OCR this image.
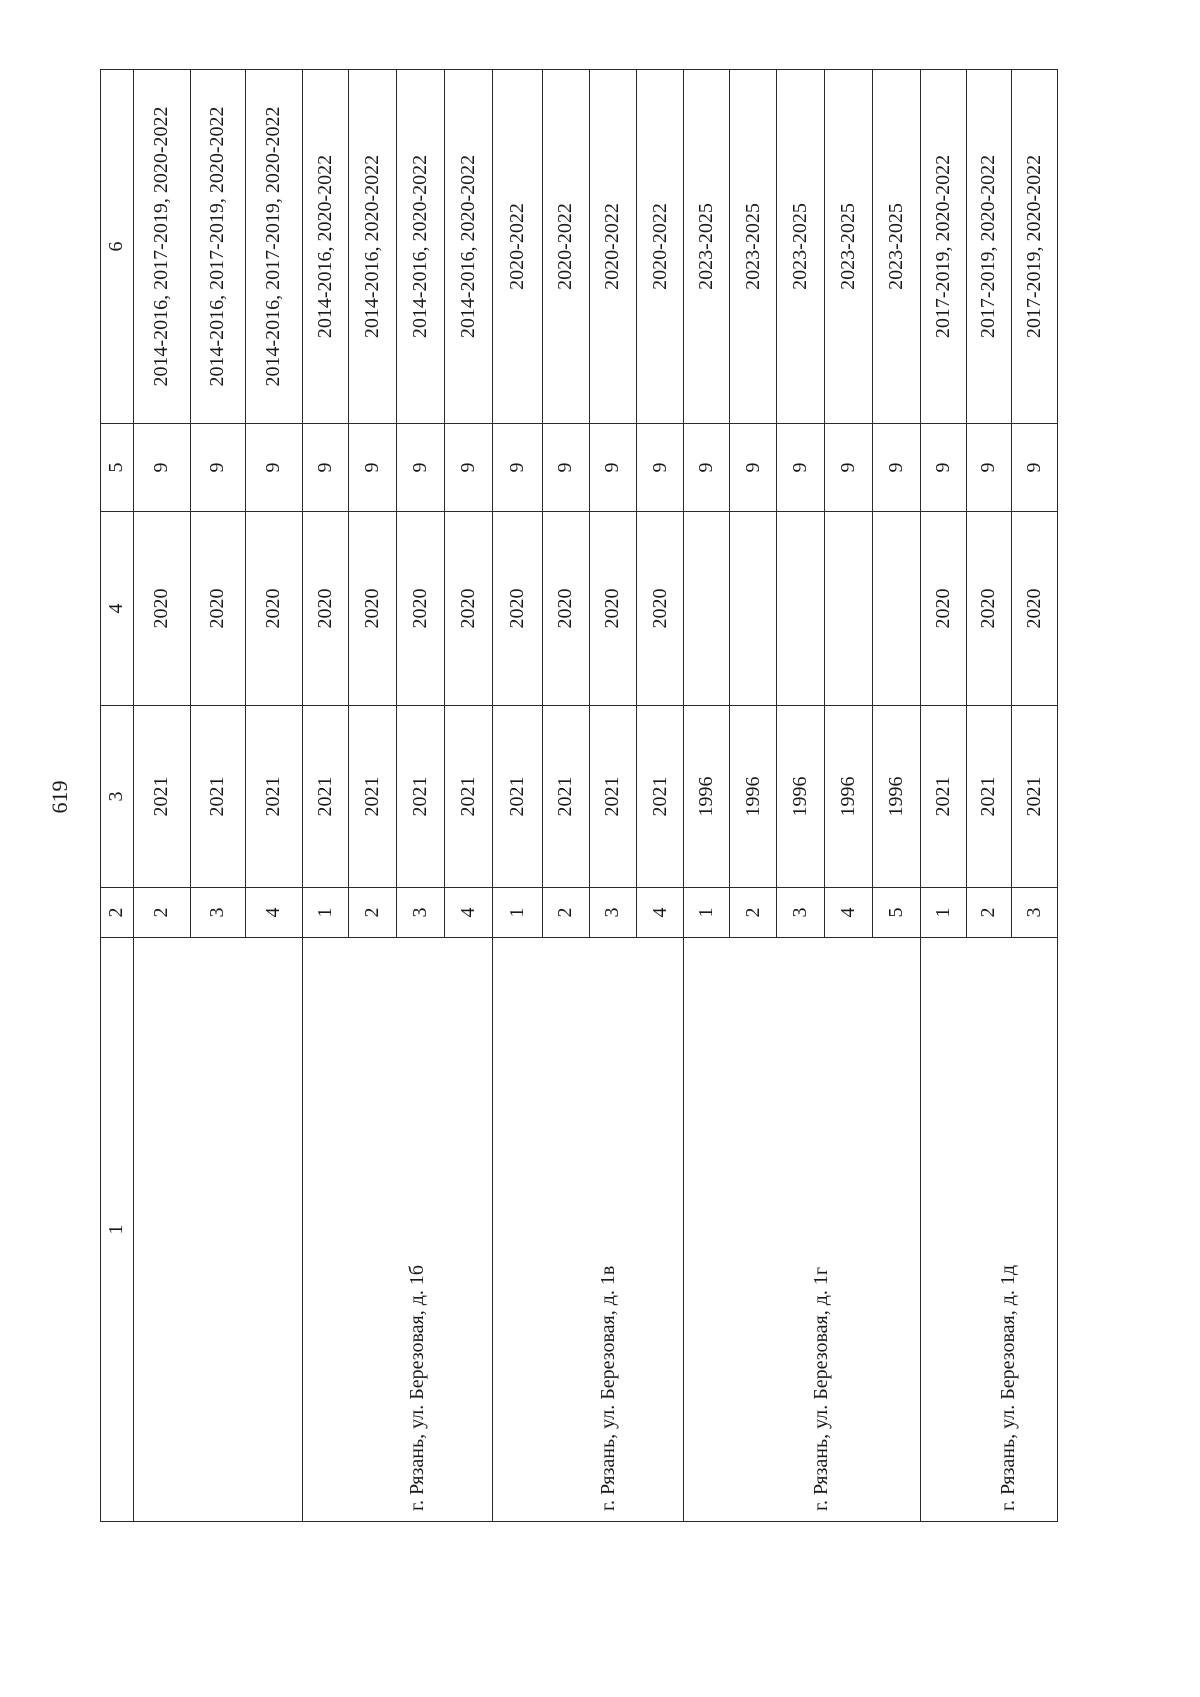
619
1	2	3	4	5	6

	2	2021	2020	9	2014-2016, 2017-2019, 2020-2022
	3	2021	2020	9	2014-2016, 2017-2019, 2020-2022
	4	2021	2020	9	2014-2016, 2017-2019, 2020-2022

г. Рязань, ул. Березовая, д. 1б	1	2021	2020	9	2014-2016, 2020-2022
	2	2021	2020	9	2014-2016, 2020-2022
	3	2021	2020	9	2014-2016, 2020-2022
	4	2021	2020	9	2014-2016, 2020-2022

г. Рязань, ул. Березовая, д. 1в	1	2021	2020	9	2020-2022
	2	2021	2020	9	2020-2022
	3	2021	2020	9	2020-2022
	4	2021	2020	9	2020-2022

г. Рязань, ул. Березовая, д. 1г	1	1996		9	2023-2025
	2	1996		9	2023-2025
	3	1996		9	2023-2025
	4	1996		9	2023-2025
	5	1996		9	2023-2025

г. Рязань, ул. Березовая, д. 1д	1	2021	2020	9	2017-2019, 2020-2022
	2	2021	2020	9	2017-2019, 2020-2022
	3	2021	2020	9	2017-2019, 2020-2022
